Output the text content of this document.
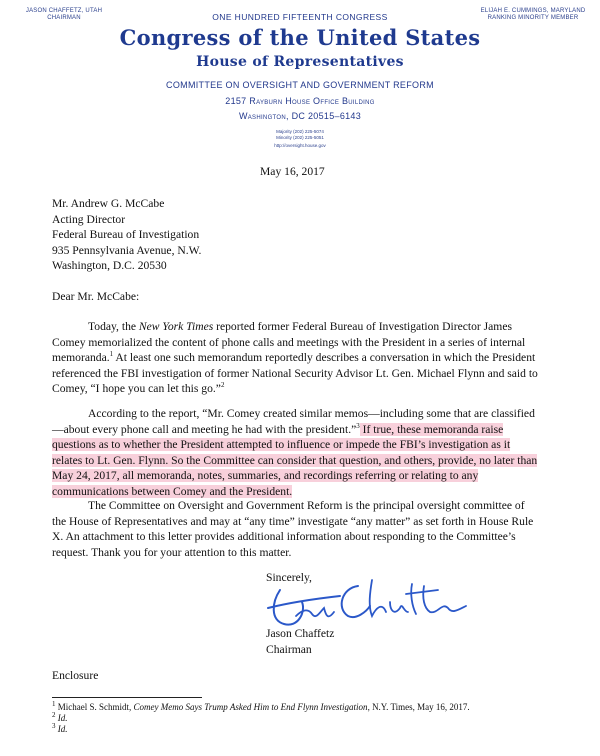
JASON CHAFFETZ, UTAH
CHAIRMAN	ONE HUNDRED FIFTEENTH CONGRESS
ELIJAH E. CUMMINGS, MARYLAND
RANKING MINORITY MEMBER
Congress of the United States
House of Representatives
COMMITTEE ON OVERSIGHT AND GOVERNMENT REFORM
2157 Rayburn House Office Building
Washington, DC 20515–6143
Majority (202) 225-5074
Minority (202) 225-5051
http://oversight.house.gov
May 16, 2017
Mr. Andrew G. McCabe
Acting Director
Federal Bureau of Investigation
935 Pennsylvania Avenue, N.W.
Washington, D.C. 20530
Dear Mr. McCabe:

Today, the New York Times reported former Federal Bureau of Investigation Director James Comey memorialized the content of phone calls and meetings with the President in a series of internal memoranda.$^1$ At least one such memorandum reportedly describes a conversation in which the President referenced the FBI investigation of former National Security Advisor Lt. Gen. Michael Flynn and said to Comey, “I hope you can let this go.”$^2$

According to the report, “Mr. Comey created similar memos—including some that are classified—about every phone call and meeting he had with the president.”$^3$ If true, these memoranda raise questions as to whether the President attempted to influence or impede the FBI’s investigation as it relates to Lt. Gen. Flynn. So the Committee can consider that question, and others, provide, no later than May 24, 2017, all memoranda, notes, summaries, and recordings referring or relating to any communications between Comey and the President.

The Committee on Oversight and Government Reform is the principal oversight committee of the House of Representatives and may at “any time” investigate “any matter” as set forth in House Rule X. An attachment to this letter provides additional information about responding to the Committee’s request. Thank you for your attention to this matter.

Sincerely,
Jason Chaffetz
Chairman
Enclosure
$^1$ Michael S. Schmidt, Comey Memo Says Trump Asked Him to End Flynn Investigation, N.Y. Times, May 16, 2017.
$^2$ Id.
$^3$ Id.
